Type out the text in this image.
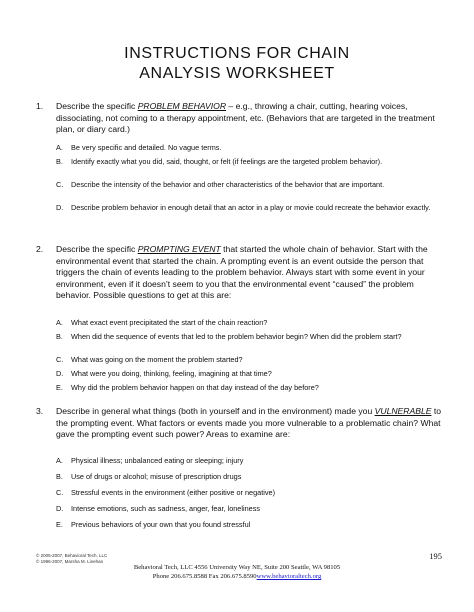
INSTRUCTIONS FOR CHAIN
ANALYSIS WORKSHEET
1.	Describe the specific PROBLEM BEHAVIOR – e.g., throwing a chair, cutting, hearing voices, dissociating, not coming to a therapy appointment, etc. (Behaviors that are targeted in the treatment plan, or diary card.)
A.	Be very specific and detailed. No vague terms.
B.	Identify exactly what you did, said, thought, or felt (if feelings are the targeted problem behavior).
C.	Describe the intensity of the behavior and other characteristics of the behavior that are important.
D.	Describe problem behavior in enough detail that an actor in a play or movie could recreate the behavior exactly.
2.	Describe the specific PROMPTING EVENT that started the whole chain of behavior. Start with the environmental event that started the chain. A prompting event is an event outside the person that triggers the chain of events leading to the problem behavior. Always start with some event in your environment, even if it doesn’t seem to you that the environmental event “caused” the problem behavior. Possible questions to get at this are:
A.	What exact event precipitated the start of the chain reaction?
B.	When did the sequence of events that led to the problem behavior begin? When did the problem start?
C.	What was going on the moment the problem started?
D.	What were you doing, thinking, feeling, imagining at that time?
E.	Why did the problem behavior happen on that day instead of the day before?
3.	Describe in general what things (both in yourself and in the environment) made you VULNERABLE to the prompting event. What factors or events made you more vulnerable to a problematic chain? What gave the prompting event such power? Areas to examine are:
A.	Physical illness; unbalanced eating or sleeping; injury
B.	Use of drugs or alcohol; misuse of prescription drugs
C.	Stressful events in the environment (either positive or negative)
D.	Intense emotions, such as sadness, anger, fear, loneliness
E.	Previous behaviors of your own that you found stressful
© 2005-2007, Behavioral Tech, LLC
© 1996-2007, Marsha M. Linehan
195
Behavioral Tech, LLC 4556 University Way NE, Suite 200 Seattle, WA 98105
Phone 206.675.8588 Fax 206.675.8590www.behavioraltech.org
